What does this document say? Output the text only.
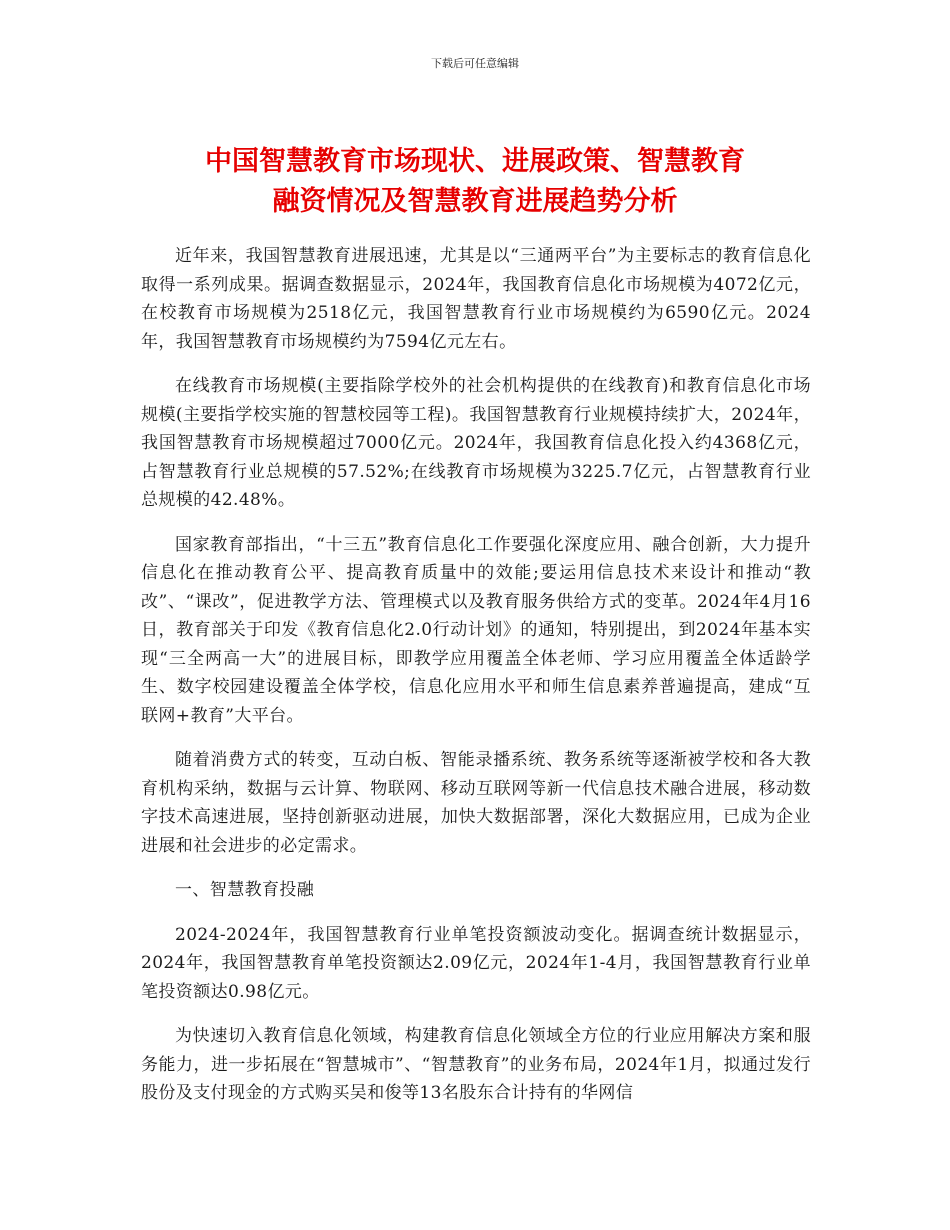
下载后可任意编辑
中国智慧教育市场现状、进展政策、智慧教育
融资情况及智慧教育进展趋势分析

近年来，我国智慧教育进展迅速，尤其是以“三通两平台”为主要标志的教育信息化取得一系列成果。据调查数据显示，2024年，我国教育信息化市场规模为4072亿元，在校教育市场规模为2518亿元，我国智慧教育行业市场规模约为6590亿元。2024年，我国智慧教育市场规模约为7594亿元左右。

在线教育市场规模(主要指除学校外的社会机构提供的在线教育)和教育信息化市场规模(主要指学校实施的智慧校园等工程)。我国智慧教育行业规模持续扩大，2024年，我国智慧教育市场规模超过7000亿元。2024年，我国教育信息化投入约4368亿元，占智慧教育行业总规模的57.52%;在线教育市场规模为3225.7亿元，占智慧教育行业总规模的42.48%。

国家教育部指出，“十三五”教育信息化工作要强化深度应用、融合创新，大力提升信息化在推动教育公平、提高教育质量中的效能;要运用信息技术来设计和推动“教改”、“课改”，促进教学方法、管理模式以及教育服务供给方式的变革。2024年4月16日，教育部关于印发《教育信息化2.0行动计划》的通知，特别提出，到2024年基本实现“三全两高一大”的进展目标，即教学应用覆盖全体老师、学习应用覆盖全体适龄学生、数字校园建设覆盖全体学校，信息化应用水平和师生信息素养普遍提高，建成“互联网+教育”大平台。

随着消费方式的转变，互动白板、智能录播系统、教务系统等逐渐被学校和各大教育机构采纳，数据与云计算、物联网、移动互联网等新一代信息技术融合进展，移动数字技术高速进展，坚持创新驱动进展，加快大数据部署，深化大数据应用，已成为企业进展和社会进步的必定需求。

一、智慧教育投融

2024-2024年，我国智慧教育行业单笔投资额波动变化。据调查统计数据显示，2024年，我国智慧教育单笔投资额达2.09亿元，2024年1-4月，我国智慧教育行业单笔投资额达0.98亿元。

为快速切入教育信息化领域，构建教育信息化领域全方位的行业应用解决方案和服务能力，进一步拓展在“智慧城市”、“智慧教育”的业务布局，2024年1月，拟通过发行股份及支付现金的方式购买吴和俊等13名股东合计持有的华网信
